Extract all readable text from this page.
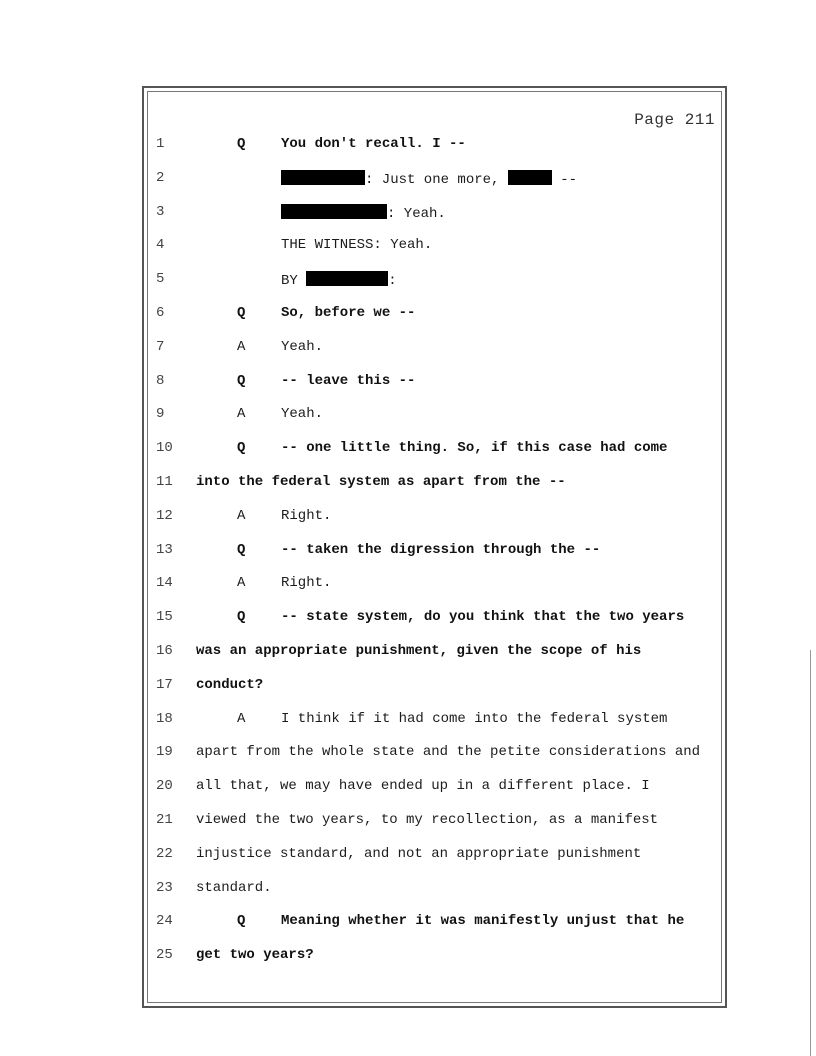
Page 211
1	Q	You don't recall. I --
2	: Just one more,	--
3	: Yeah.
4	THE WITNESS: Yeah.
5	BY	:
6	Q	So, before we --
7	A	Yeah.
8	Q	-- leave this --
9	A	Yeah.
10	Q	-- one little thing. So, if this case had come
11	into the federal system as apart from the --
12	A	Right.
13	Q	-- taken the digression through the --
14	A	Right.
15	Q	-- state system, do you think that the two years
16	was an appropriate punishment, given the scope of his
17	conduct?
18	A	I think if it had come into the federal system
19	apart from the whole state and the petite considerations and
20	all that, we may have ended up in a different place. I
21	viewed the two years, to my recollection, as a manifest
22	injustice standard, and not an appropriate punishment
23	standard.
24	Q	Meaning whether it was manifestly unjust that he
25	get two years?
